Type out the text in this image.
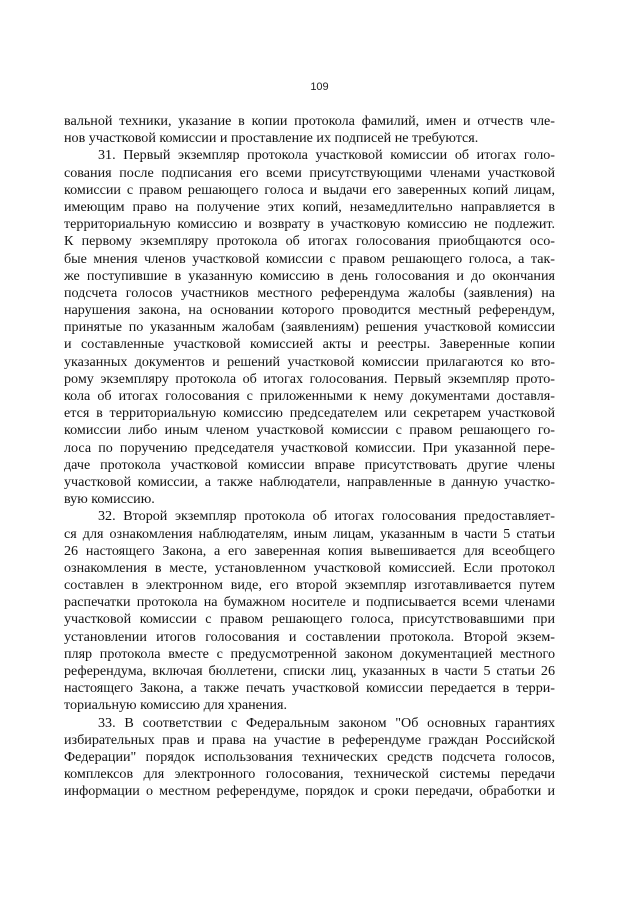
109
вальной техники, указание в копии протокола фамилий, имен и отчеств чле-
нов участковой комиссии и проставление их подписей не требуются.
31. Первый экземпляр протокола участковой комиссии об итогах голо-
сования после подписания его всеми присутствующими членами участковой
комиссии с правом решающего голоса и выдачи его заверенных копий лицам,
имеющим право на получение этих копий, незамедлительно направляется в
территориальную комиссию и возврату в участковую комиссию не подлежит.
К первому экземпляру протокола об итогах голосования приобщаются осо-
бые мнения членов участковой комиссии с правом решающего голоса, а так-
же поступившие в указанную комиссию в день голосования и до окончания
подсчета голосов участников местного референдума жалобы (заявления) на
нарушения закона, на основании которого проводится местный референдум,
принятые по указанным жалобам (заявлениям) решения участковой комиссии
и составленные участковой комиссией акты и реестры. Заверенные копии
указанных документов и решений участковой комиссии прилагаются ко вто-
рому экземпляру протокола об итогах голосования. Первый экземпляр прото-
кола об итогах голосования с приложенными к нему документами доставля-
ется в территориальную комиссию председателем или секретарем участковой
комиссии либо иным членом участковой комиссии с правом решающего го-
лоса по поручению председателя участковой комиссии. При указанной пере-
даче протокола участковой комиссии вправе присутствовать другие члены
участковой комиссии, а также наблюдатели, направленные в данную участко-
вую комиссию.
32. Второй экземпляр протокола об итогах голосования предоставляет-
ся для ознакомления наблюдателям, иным лицам, указанным в части 5 статьи
26 настоящего Закона, а его заверенная копия вывешивается для всеобщего
ознакомления в месте, установленном участковой комиссией. Если протокол
составлен в электронном виде, его второй экземпляр изготавливается путем
распечатки протокола на бумажном носителе и подписывается всеми членами
участковой комиссии с правом решающего голоса, присутствовавшими при
установлении итогов голосования и составлении протокола. Второй экзем-
пляр протокола вместе с предусмотренной законом документацией местного
референдума, включая бюллетени, списки лиц, указанных в части 5 статьи 26
настоящего Закона, а также печать участковой комиссии передается в терри-
ториальную комиссию для хранения.
33. В соответствии с Федеральным законом "Об основных гарантиях
избирательных прав и права на участие в референдуме граждан Российской
Федерации" порядок использования технических средств подсчета голосов,
комплексов для электронного голосования, технической системы передачи
информации о местном референдуме, порядок и сроки передачи, обработки и
